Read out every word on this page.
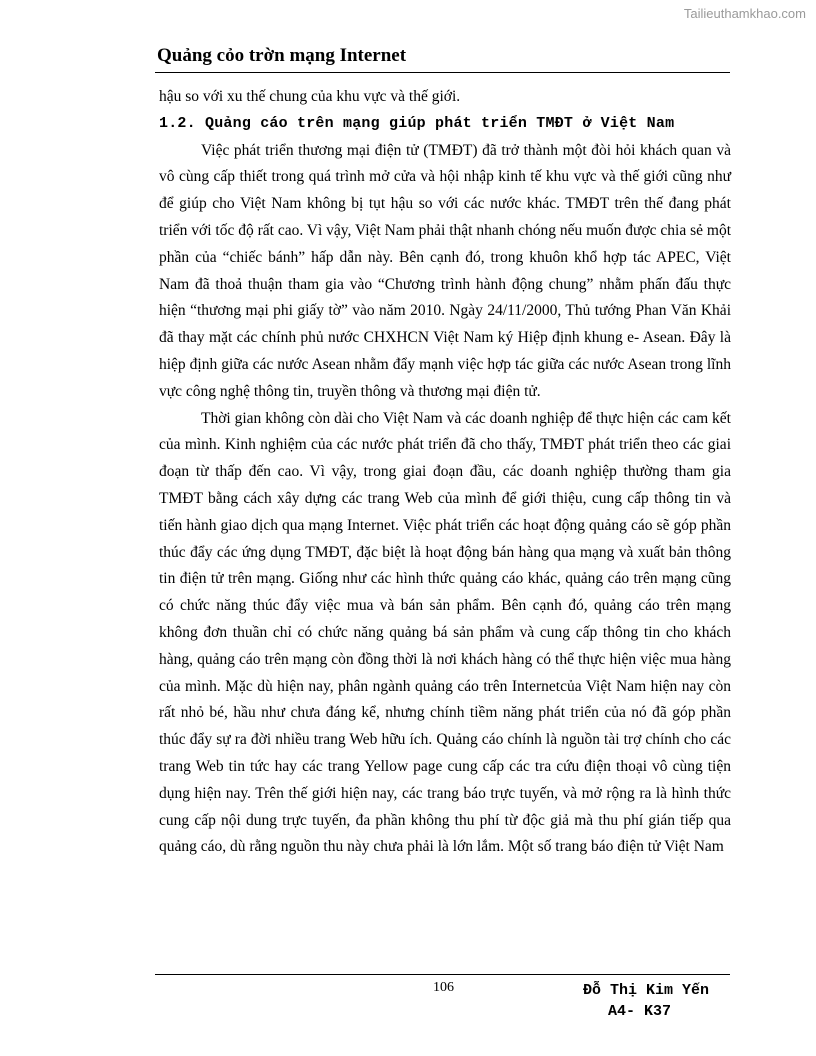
Tailieuthamkhao.com
Quảng cỏo trờn mạng Internet

hậu so với xu thế chung của khu vực và thế giới.

1.2. Quảng cáo trên mạng giúp phát triển TMĐT ở Việt Nam

Việc phát triển thương mại điện tử (TMĐT) đã trở thành một đòi hỏi khách quan và vô cùng cấp thiết trong quá trình mở cửa và hội nhập kinh tế khu vực và thế giới cũng như để giúp cho Việt Nam không bị tụt hậu so với các nước khác. TMĐT trên thế đang phát triển với tốc độ rất cao. Vì vậy, Việt Nam phải thật nhanh chóng nếu muốn được chia sẻ một phần của “chiếc bánh” hấp dẫn này. Bên cạnh đó, trong khuôn khổ hợp tác APEC, Việt Nam đã thoả thuận tham gia vào “Chương trình hành động chung” nhằm phấn đấu thực hiện “thương mại phi giấy tờ” vào năm 2010. Ngày 24/11/2000, Thủ tướng Phan Văn Khải đã thay mặt các chính phủ nước CHXHCN Việt Nam ký Hiệp định khung e- Asean. Đây là hiệp định giữa các nước Asean nhằm đẩy mạnh việc hợp tác giữa các nước Asean trong lĩnh vực công nghệ thông tin, truyền thông và thương mại điện tử.

Thời gian không còn dài cho Việt Nam và các doanh nghiệp để thực hiện các cam kết của mình. Kinh nghiệm của các nước phát triển đã cho thấy, TMĐT phát triển theo các giai đoạn từ thấp đến cao. Vì vậy, trong giai đoạn đầu, các doanh nghiệp thường tham gia TMĐT bằng cách xây dựng các trang Web của mình để giới thiệu, cung cấp thông tin và tiến hành giao dịch qua mạng Internet. Việc phát triển các hoạt động quảng cáo sẽ góp phần thúc đẩy các ứng dụng TMĐT, đặc biệt là hoạt động bán hàng qua mạng và xuất bản thông tin điện tử trên mạng. Giống như các hình thức quảng cáo khác, quảng cáo trên mạng cũng có chức năng thúc đẩy việc mua và bán sản phẩm. Bên cạnh đó, quảng cáo trên mạng không đơn thuần chỉ có chức năng quảng bá sản phẩm và cung cấp thông tin cho khách hàng, quảng cáo trên mạng còn đồng thời là nơi khách hàng có thể thực hiện việc mua hàng của mình. Mặc dù hiện nay, phân ngành quảng cáo trên Internetcủa Việt Nam hiện nay còn rất nhỏ bé, hầu như chưa đáng kể, nhưng chính tiềm năng phát triển của nó đã góp phần thúc đẩy sự ra đời nhiều trang Web hữu ích. Quảng cáo chính là nguồn tài trợ chính cho các trang Web tin tức hay các trang Yellow page cung cấp các tra cứu điện thoại vô cùng tiện dụng hiện nay. Trên thế giới hiện nay, các trang báo trực tuyến, và mở rộng ra là hình thức cung cấp nội dung trực tuyến, đa phần không thu phí từ độc giả mà thu phí gián tiếp qua quảng cáo, dù rằng nguồn thu này chưa phải là lớn lắm. Một số trang báo điện tử Việt Nam

106	Đỗ Thị Kim Yến
A4- K37
